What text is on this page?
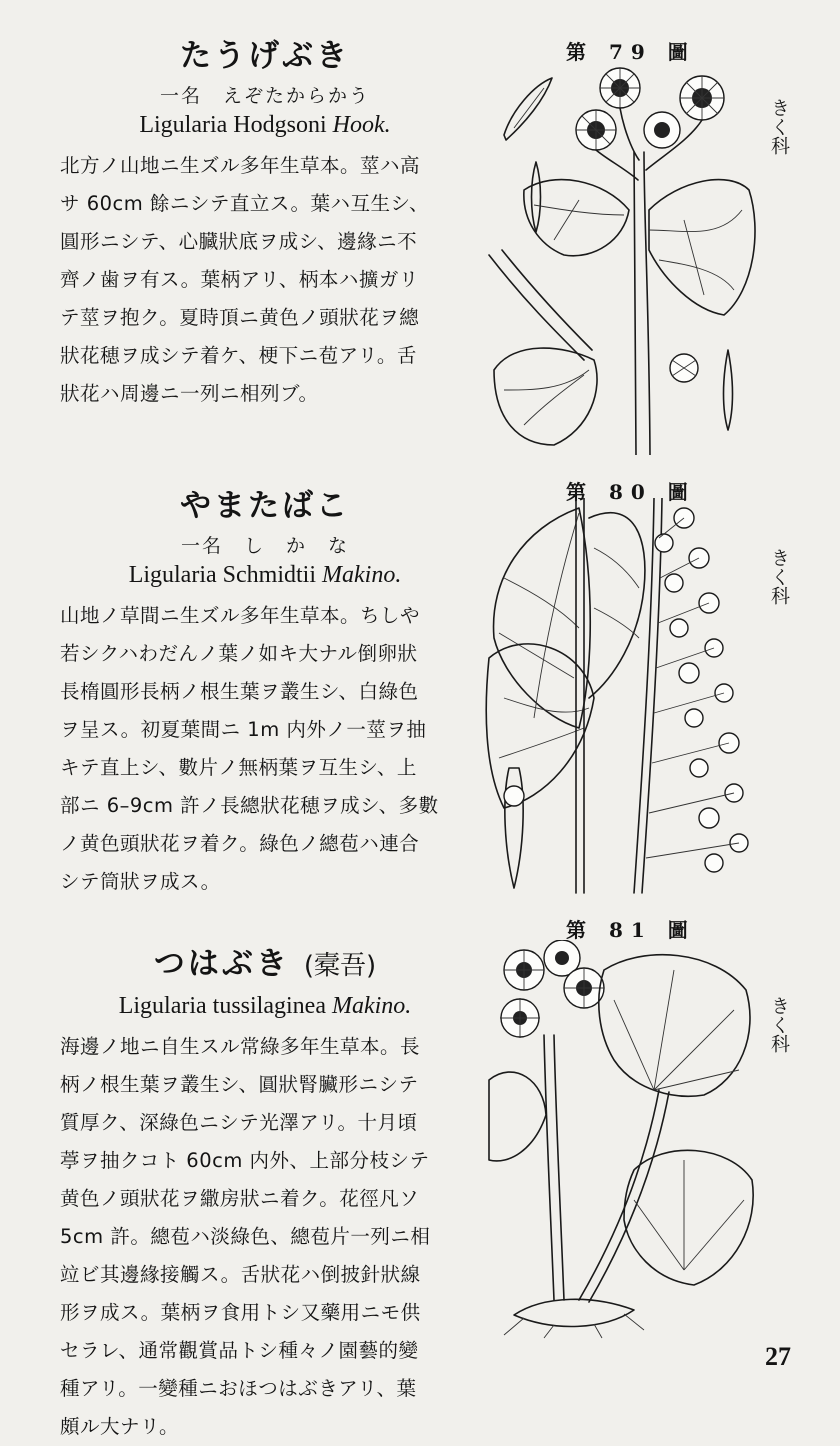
たうげぶき
一名　えぞたからかう
Ligularia Hodgsoni Hook.
北方ノ山地ニ生ズル多年生草本。莖ハ高
サ 60cm 餘ニシテ直立ス。葉ハ互生シ、
圓形ニシテ、心臓狀底ヲ成シ、邊緣ニ不
齊ノ歯ヲ有ス。葉柄アリ、柄本ハ擴ガリ
テ莖ヲ抱ク。夏時頂ニ黄色ノ頭狀花ヲ總
狀花穂ヲ成シテ着ケ、梗下ニ苞アリ。舌
狀花ハ周邊ニ一列ニ相列ブ。
やまたばこ
一名　し　か　な
Ligularia Schmidtii Makino.
山地ノ草間ニ生ズル多年生草本。ちしや
若シクハわだんノ葉ノ如キ大ナル倒卵狀
長楕圓形長柄ノ根生葉ヲ叢生シ、白綠色
ヲ呈ス。初夏葉間ニ 1m 内外ノ一莖ヲ抽
キテ直上シ、數片ノ無柄葉ヲ互生シ、上
部ニ 6–9cm 許ノ長總狀花穂ヲ成シ、多數
ノ黄色頭狀花ヲ着ク。綠色ノ總苞ハ連合
シテ筒狀ヲ成ス。
つはぶき (槖吾)
Ligularia tussilaginea Makino.
海邊ノ地ニ自生スル常綠多年生草本。長
柄ノ根生葉ヲ叢生シ、圓狀腎臟形ニシテ
質厚ク、深綠色ニシテ光澤アリ。十月頃
葶ヲ抽クコト 60cm 内外、上部分枝シテ
黄色ノ頭狀花ヲ繖房狀ニ着ク。花徑凡ソ
5cm 許。總苞ハ淡綠色、總苞片一列ニ相
竝ビ其邊緣接觸ス。舌狀花ハ倒披針狀線
形ヲ成ス。葉柄ヲ食用トシ又藥用ニモ供
セラレ、通常觀賞品トシ種々ノ園藝的變
種アリ。一變種ニおほつはぶきアリ、葉
頗ル大ナリ。
第 79 圖
第 80 圖
第 81 圖
きく科
きく科
きく科
27
